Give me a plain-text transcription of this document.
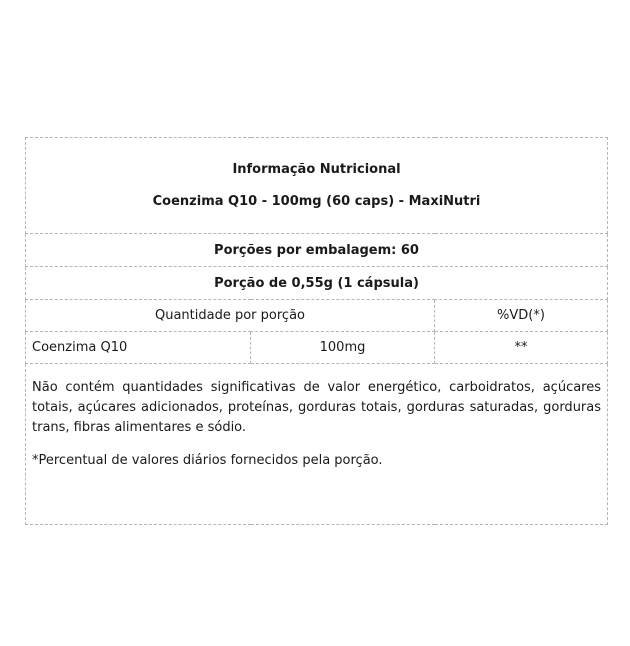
Informação Nutricional
Coenzima Q10 - 100mg (60 caps) - MaxiNutri		

Porções por embalagem: 60		
Porção de 0,55g (1 cápsula)		
Quantidade por porção		%VD(*)
Coenzima Q10	100mg	**

Não contém quantidades significativas de valor energético, carboidratos, açúcares totais, açúcares adicionados, proteínas, gorduras totais, gorduras saturadas, gorduras trans, fibras alimentares e sódio.

*Percentual de valores diários fornecidos pela porção.		
